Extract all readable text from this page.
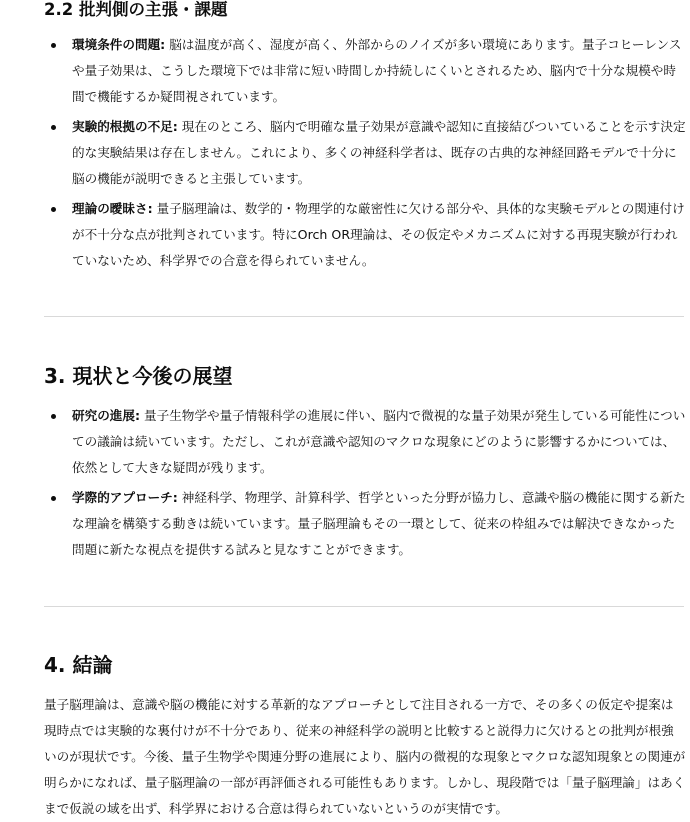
2.2 批判側の主張・課題
環境条件の問題: 脳は温度が高く、湿度が高く、外部からのノイズが多い環境にあります。量子コヒーレンスや量子効果は、こうした環境下では非常に短い時間しか持続しにくいとされるため、脳内で十分な規模や時間で機能するか疑問視されています。
実験的根拠の不足: 現在のところ、脳内で明確な量子効果が意識や認知に直接結びついていることを示す決定的な実験結果は存在しません。これにより、多くの神経科学者は、既存の古典的な神経回路モデルで十分に脳の機能が説明できると主張しています。
理論の曖昧さ: 量子脳理論は、数学的・物理学的な厳密性に欠ける部分や、具体的な実験モデルとの関連付けが不十分な点が批判されています。特にOrch OR理論は、その仮定やメカニズムに対する再現実験が行われていないため、科学界での合意を得られていません。
3. 現状と今後の展望
研究の進展: 量子生物学や量子情報科学の進展に伴い、脳内で微視的な量子効果が発生している可能性についての議論は続いています。ただし、これが意識や認知のマクロな現象にどのように影響するかについては、依然として大きな疑問が残ります。
学際的アプローチ: 神経科学、物理学、計算科学、哲学といった分野が協力し、意識や脳の機能に関する新たな理論を構築する動きは続いています。量子脳理論もその一環として、従来の枠組みでは解決できなかった問題に新たな視点を提供する試みと見なすことができます。
4. 結論

量子脳理論は、意識や脳の機能に対する革新的なアプローチとして注目される一方で、その多くの仮定や提案は現時点では実験的な裏付けが不十分であり、従来の神経科学の説明と比較すると説得力に欠けるとの批判が根強いのが現状です。今後、量子生物学や関連分野の進展により、脳内の微視的な現象とマクロな認知現象との関連が明らかになれば、量子脳理論の一部が再評価される可能性もあります。しかし、現段階では「量子脳理論」はあくまで仮説の域を出ず、科学界における合意は得られていないというのが実情です。
